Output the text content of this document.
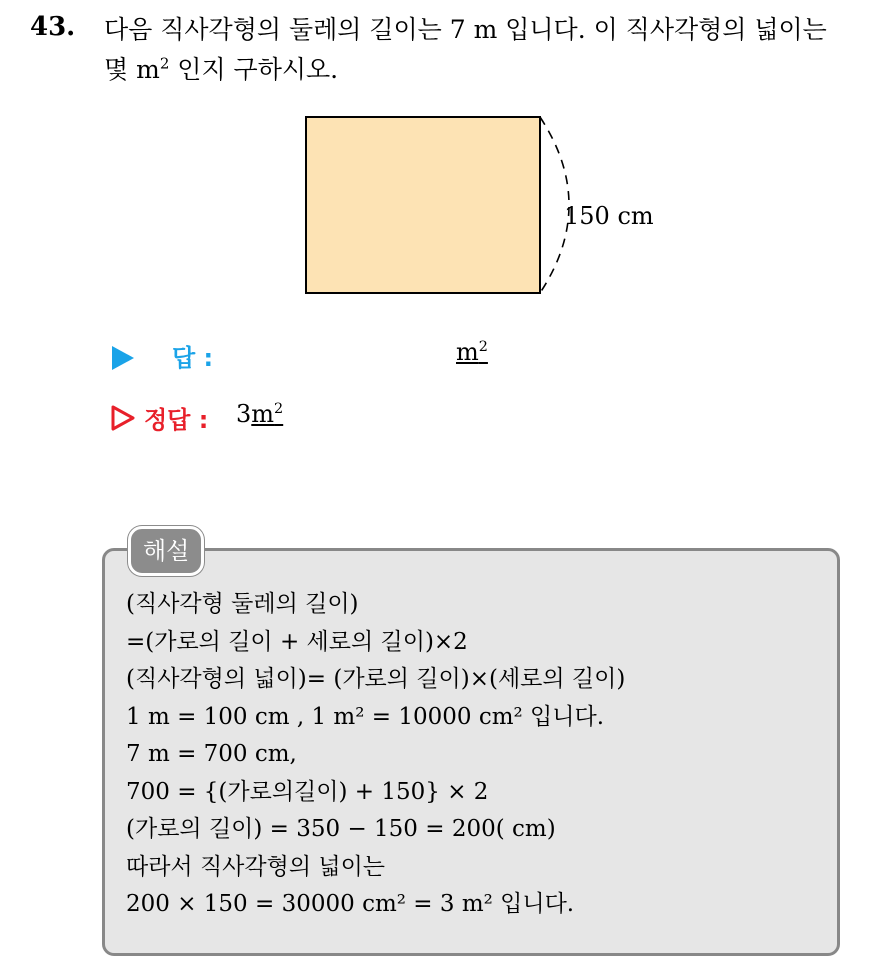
43. 다음 직사각형의 둘레의 길이는 7 m 입니다. 이 직사각형의 넓이는
몇 $m^2$ 인지 구하시오.
150 cm
답 :	$m^2$
정답 : $3m^2$
해설
(직사각형 둘레의 길이)
=(가로의 길이 + 세로의 길이)×2
(직사각형의 넓이)= (가로의 길이)×(세로의 길이)
1 m = 100 cm , 1 m² = 10000 cm² 입니다.
7 m = 700 cm,
700 = {(가로의길이) + 150} × 2
(가로의 길이) = 350 − 150 = 200( cm)
따라서 직사각형의 넓이는
200 × 150 = 30000 cm² = 3 m² 입니다.
